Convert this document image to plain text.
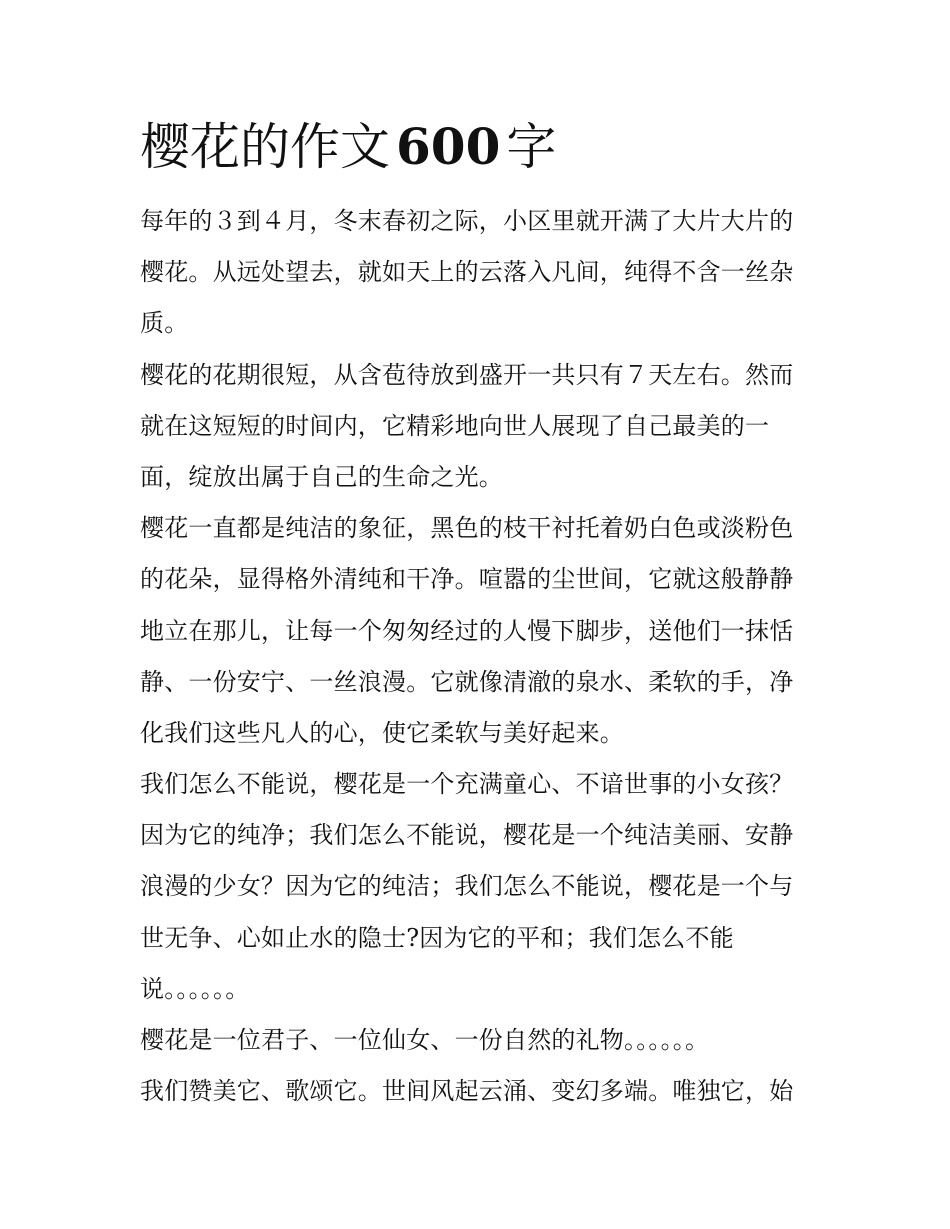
樱花的作文 600 字
每年的３到４月，冬末春初之际，小区里就开满了大片大片的
樱花。从远处望去，就如天上的云落入凡间，纯得不含一丝杂
质。
樱花的花期很短，从含苞待放到盛开一共只有７天左右。然而
就在这短短的时间内，它精彩地向世人展现了自己最美的一
面，绽放出属于自己的生命之光。
樱花一直都是纯洁的象征，黑色的枝干衬托着奶白色或淡粉色
的花朵，显得格外清纯和干净。喧嚣的尘世间，它就这般静静
地立在那儿，让每一个匆匆经过的人慢下脚步，送他们一抹恬
静、一份安宁、一丝浪漫。它就像清澈的泉水、柔软的手，净
化我们这些凡人的心，使它柔软与美好起来。
我们怎么不能说，樱花是一个充满童心、不谙世事的小女孩？
因为它的纯净；我们怎么不能说，樱花是一个纯洁美丽、安静
浪漫的少女？因为它的纯洁；我们怎么不能说，樱花是一个与
世无争、心如止水的隐士?因为它的平和；我们怎么不能
说。。。。。。
樱花是一位君子、一位仙女、一份自然的礼物。。。。。。
我们赞美它、歌颂它。世间风起云涌、变幻多端。唯独它，始
